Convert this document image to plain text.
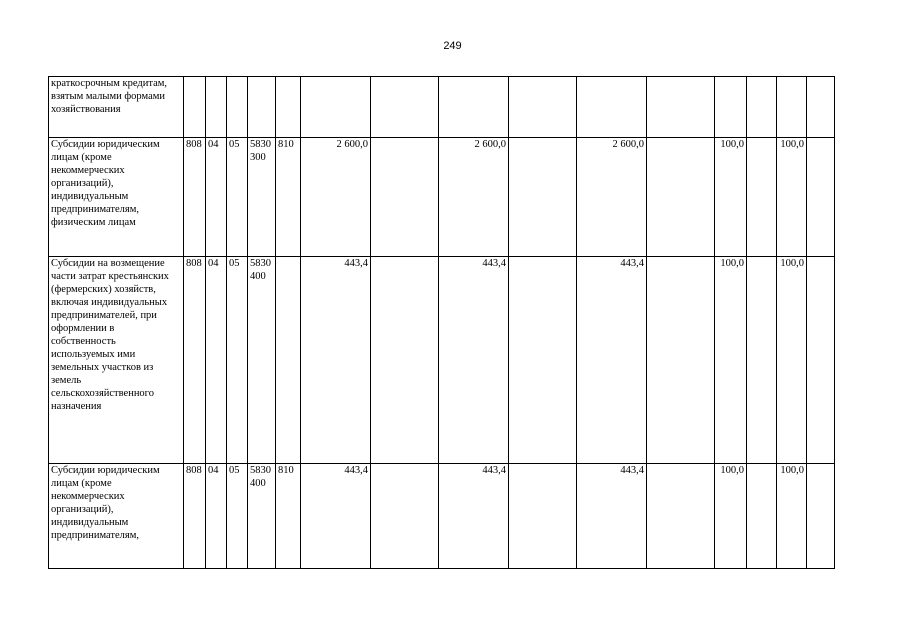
249
краткосрочным кредитам, взятым малыми формами хозяйствования															
Субсидии юридическим лицам (кроме некоммерческих организаций), индивидуальным предпринимателям, физическим лицам	808	04	05	5830 300	810	2 600,0		2 600,0		2 600,0		100,0		100,0	
Субсидии на возмещение части затрат крестьянских (фермерских) хозяйств, включая индивидуальных предпринимателей, при оформлении в собственность используемых ими земельных участков из земель сельскохозяйственного назначения	808	04	05	5830 400		443,4		443,4		443,4		100,0		100,0	
Субсидии юридическим лицам (кроме некоммерческих организаций), индивидуальным предпринимателям,	808	04	05	5830 400	810	443,4		443,4		443,4		100,0		100,0	
